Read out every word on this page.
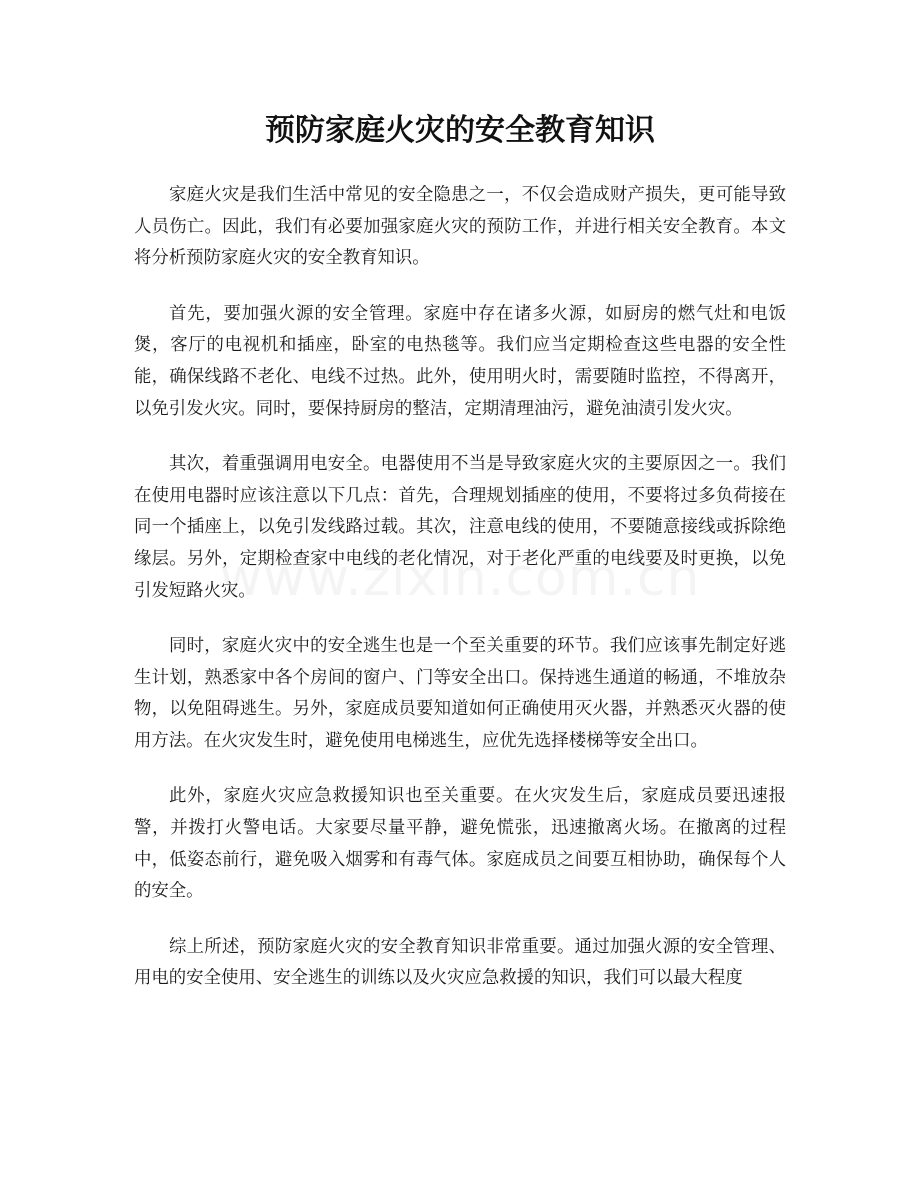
预防家庭火灾的安全教育知识

家庭火灾是我们生活中常见的安全隐患之一，不仅会造成财产损失，更可能导致人员伤亡。因此，我们有必要加强家庭火灾的预防工作，并进行相关安全教育。本文将分析预防家庭火灾的安全教育知识。

首先，要加强火源的安全管理。家庭中存在诸多火源，如厨房的燃气灶和电饭煲，客厅的电视机和插座，卧室的电热毯等。我们应当定期检查这些电器的安全性能，确保线路不老化、电线不过热。此外，使用明火时，需要随时监控，不得离开，以免引发火灾。同时，要保持厨房的整洁，定期清理油污，避免油渍引发火灾。

其次，着重强调用电安全。电器使用不当是导致家庭火灾的主要原因之一。我们在使用电器时应该注意以下几点：首先，合理规划插座的使用，不要将过多负荷接在同一个插座上，以免引发线路过载。其次，注意电线的使用，不要随意接线或拆除绝缘层。另外，定期检查家中电线的老化情况，对于老化严重的电线要及时更换，以免引发短路火灾。

同时，家庭火灾中的安全逃生也是一个至关重要的环节。我们应该事先制定好逃生计划，熟悉家中各个房间的窗户、门等安全出口。保持逃生通道的畅通，不堆放杂物，以免阻碍逃生。另外，家庭成员要知道如何正确使用灭火器，并熟悉灭火器的使用方法。在火灾发生时，避免使用电梯逃生，应优先选择楼梯等安全出口。

此外，家庭火灾应急救援知识也至关重要。在火灾发生后，家庭成员要迅速报警，并拨打火警电话。大家要尽量平静，避免慌张，迅速撤离火场。在撤离的过程中，低姿态前行，避免吸入烟雾和有毒气体。家庭成员之间要互相协助，确保每个人的安全。

综上所述，预防家庭火灾的安全教育知识非常重要。通过加强火源的安全管理、用电的安全使用、安全逃生的训练以及火灾应急救援的知识，我们可以最大程度
